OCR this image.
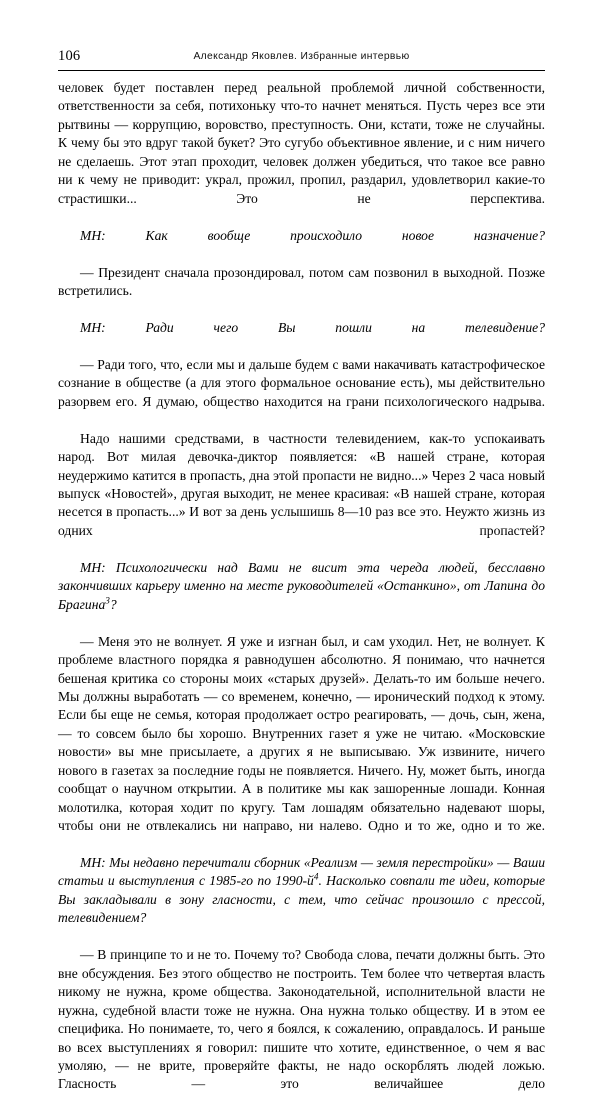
106	Александр Яковлев. Избранные интервью

человек будет поставлен перед реальной проблемой личной собственности, ответственности за себя, потихоньку что-то начнет меняться. Пусть через все эти рытвины — коррупцию, воровство, преступность. Они, кстати, тоже не случайны. К чему бы это вдруг такой букет? Это сугубо объективное явление, и с ним ничего не сделаешь. Этот этап проходит, человек должен убедиться, что такое все равно ни к чему не приводит: украл, прожил, пропил, раздарил, удовлетворил какие-то страстишки... Это не перспектива.

МН: Как вообще происходило новое назначение?

— Президент сначала прозондировал, потом сам позвонил в выходной. Позже встретились.

МН: Ради чего Вы пошли на телевидение?

— Ради того, что, если мы и дальше будем с вами накачивать катастрофическое сознание в обществе (а для этого формальное основание есть), мы действительно разорвем его. Я думаю, общество находится на грани психологического надрыва.

Надо нашими средствами, в частности телевидением, как-то успокаивать народ. Вот милая девочка-диктор появляется: «В нашей стране, которая неудержимо катится в пропасть, дна этой пропасти не видно...» Через 2 часа новый выпуск «Новостей», другая выходит, не менее красивая: «В нашей стране, которая несется в пропасть...» И вот за день услышишь 8—10 раз все это. Неужто жизнь из одних пропастей?

МН: Психологически над Вами не висит эта череда людей, бесславно закончивших карьеру именно на месте руководителей «Останкино», от Лапина до Брагина$^3$?

— Меня это не волнует. Я уже и изгнан был, и сам уходил. Нет, не волнует. К проблеме властного порядка я равнодушен абсолютно. Я понимаю, что начнется бешеная критика со стороны моих «старых друзей». Делать-то им больше нечего. Мы должны выработать — со временем, конечно, — иронический подход к этому. Если бы еще не семья, которая продолжает остро реагировать, — дочь, сын, жена, — то совсем было бы хорошо. Внутренних газет я уже не читаю. «Московские новости» вы мне присылаете, а других я не выписываю. Уж извините, ничего нового в газетах за последние годы не появляется. Ничего. Ну, может быть, иногда сообщат о научном открытии. А в политике мы как зашоренные лошади. Конная молотилка, которая ходит по кругу. Там лошадям обязательно надевают шоры, чтобы они не отвлекались ни направо, ни налево. Одно и то же, одно и то же.

МН: Мы недавно перечитали сборник «Реализм — земля перестройки» — Ваши статьи и выступления с 1985-го по 1990-й$^4$. Насколько совпали те идеи, которые Вы закладывали в зону гласности, с тем, что сейчас произошло с прессой, телевидением?

— В принципе то и не то. Почему то? Свобода слова, печати должны быть. Это вне обсуждения. Без этого общество не построить. Тем более что четвертая власть никому не нужна, кроме общества. Законодательной, исполнительной власти не нужна, судебной власти тоже не нужна. Она нужна только обществу. И в этом ее специфика. Но понимаете, то, чего я боялся, к сожалению, оправдалось. И раньше во всех выступлениях я говорил: пишите что хотите, единственное, о чем я вас умоляю, — не врите, проверяйте факты, не надо оскорблять людей ложью. Гласность — это величайшее дело
